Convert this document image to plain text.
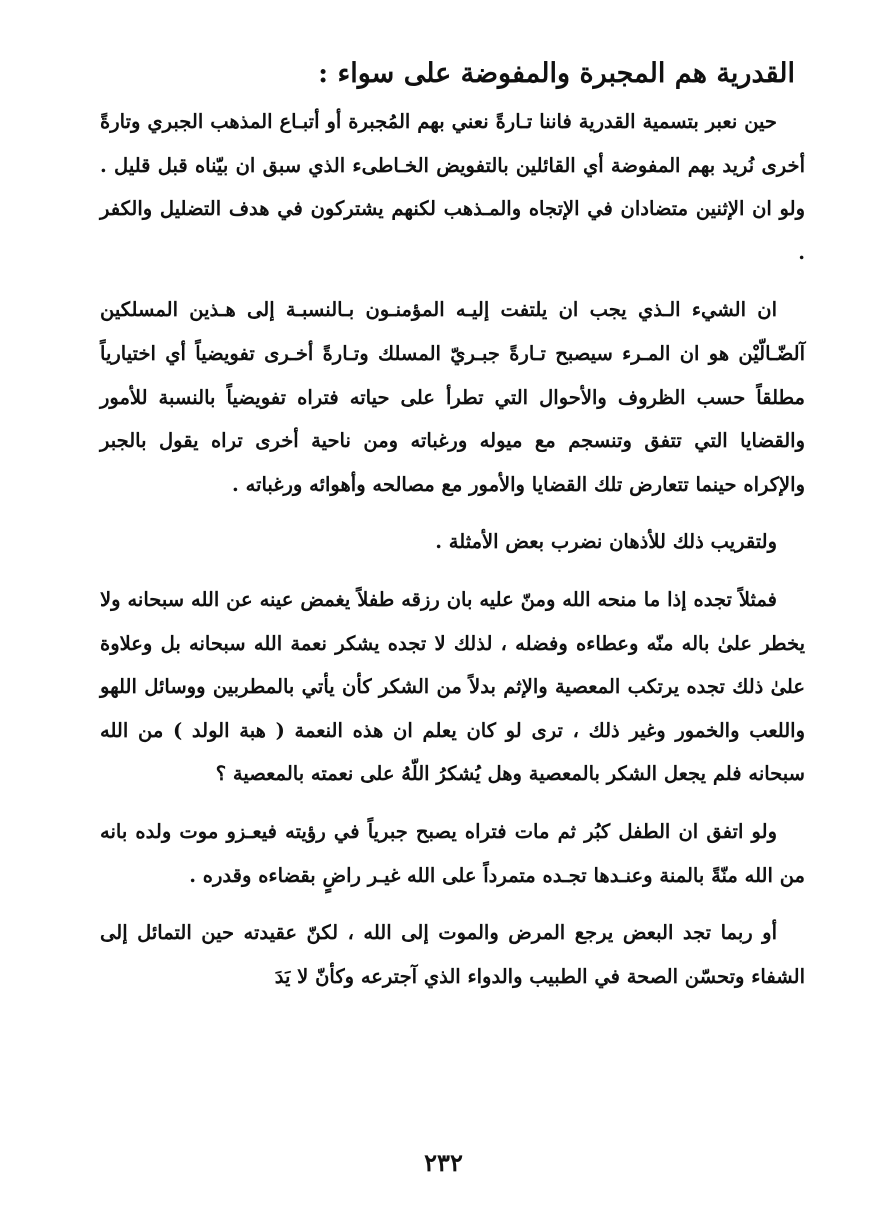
القدرية هم المجبرة والمفوضة على سواء :

حين نعبر بتسمية القدرية فاننا تـارةً نعني بهم المُجبرة أو أتبـاع المذهب الجبري وتارةً أخرى نُريد بهم المفوضة أي القائلين بالتفويض الخـاطىء الذي سبق ان بيّناه قبل قليل . ولو ان الإثنين متضادان في الإتجاه والمـذهب لكنهم يشتركون في هدف التضليل والكفر .

ان الشيء الـذي يجب ان يلتفت إليـه المؤمنـون بـالنسبـة إلى هـذين المسلكين آلضّـالّيْن هو ان المـرء سيصبح تـارةً جبـريّ المسلك وتـارةً أخـرى تفويضياً أي اختيارياً مطلقاً حسب الظروف والأحوال التي تطرأ على حياته فتراه تفويضياً بالنسبة للأمور والقضايا التي تتفق وتنسجم مع ميوله ورغباته ومن ناحية أخرى تراه يقول بالجبر والإكراه حينما تتعارض تلك القضايا والأمور مع مصالحه وأهوائه ورغباته .

ولتقريب ذلك للأذهان نضرب بعض الأمثلة .

فمثلاً تجده إذا ما منحه الله ومنّ عليه بان رزقه طفلاً يغمض عينه عن الله سبحانه ولا يخطر علىٰ باله منّه وعطاءه وفضله ، لذلك لا تجده يشكر نعمة الله سبحانه بل وعلاوة علىٰ ذلك تجده يرتكب المعصية والإثم بدلاً من الشكر كأن يأتي بالمطربين ووسائل اللهو واللعب والخمور وغير ذلك ، ترى لو كان يعلم ان هذه النعمة ( هبة الولد ) من الله سبحانه فلم يجعل الشكر بالمعصية وهل يُشكرُ اللّهُ على نعمته بالمعصية ؟

ولو اتفق ان الطفل كبُر ثم مات فتراه يصبح جبرياً في رؤيته فيعـزو موت ولده بانه من الله منّةً بالمنة وعنـدها تجـده متمرداً على الله غيـر راضٍ بقضاءه وقدره .

أو ربما تجد البعض يرجع المرض والموت إلى الله ، لكنّ عقيدته حين التمائل إلى الشفاء وتحسّن الصحة في الطبيب والدواء الذي آجترعه وكأنّ لا يَدَ

٢٣٢
